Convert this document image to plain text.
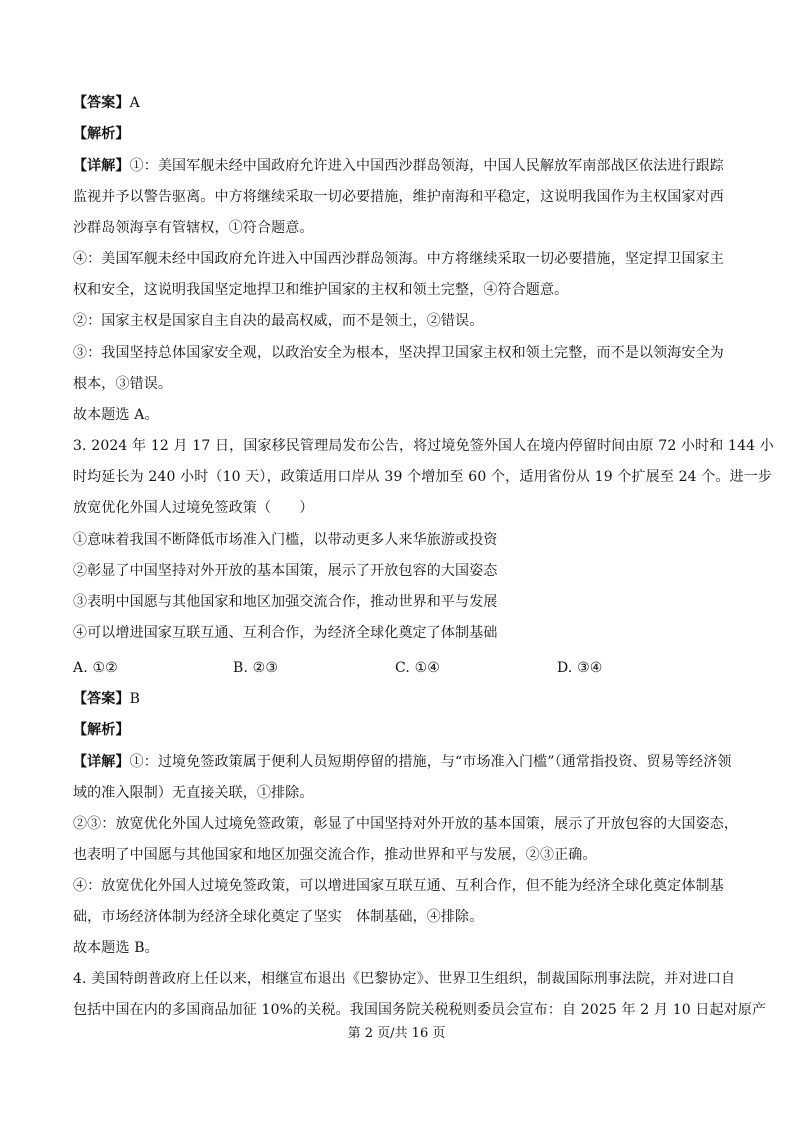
【答案】A
【解析】
【详解】①：美国军舰未经中国政府允许进入中国西沙群岛领海，中国人民解放军南部战区依法进行跟踪
监视并予以警告驱离。中方将继续采取一切必要措施，维护南海和平稳定，这说明我国作为主权国家对西
沙群岛领海享有管辖权，①符合题意。
④：美国军舰未经中国政府允许进入中国西沙群岛领海。中方将继续采取一切必要措施，坚定捍卫国家主
权和安全，这说明我国坚定地捍卫和维护国家的主权和领土完整，④符合题意。
②：国家主权是国家自主自决的最高权威，而不是领土，②错误。
③：我国坚持总体国家安全观，以政治安全为根本，坚决捍卫国家主权和领土完整，而不是以领海安全为
根本，③错误。
故本题选 A。
3. 2024 年 12 月 17 日，国家移民管理局发布公告，将过境免签外国人在境内停留时间由原 72 小时和 144 小
时均延长为 240 小时（10 天），政策适用口岸从 39 个增加至 60 个，适用省份从 19 个扩展至 24 个。进一步
放宽优化外国人过境免签政策（　　）
①意味着我国不断降低市场准入门槛，以带动更多人来华旅游或投资
②彰显了中国坚持对外开放的基本国策，展示了开放包容的大国姿态
③表明中国愿与其他国家和地区加强交流合作，推动世界和平与发展
④可以增进国家互联互通、互利合作，为经济全球化奠定了体制基础
A. ①②	B. ②③	C. ①④	D. ③④
【答案】B
【解析】
【详解】①：过境免签政策属于便利人员短期停留的措施，与“市场准入门槛”（通常指投资、贸易等经济领
域的准入限制）无直接关联，①排除。
②③：放宽优化外国人过境免签政策，彰显了中国坚持对外开放的基本国策，展示了开放包容的大国姿态，
也表明了中国愿与其他国家和地区加强交流合作，推动世界和平与发展，②③正确。
④：放宽优化外国人过境免签政策，可以增进国家互联互通、互利合作，但不能为经济全球化奠定体制基
础，市场经济体制为经济全球化奠定了坚实　体制基础，④排除。
故本题选 B。
4. 美国特朗普政府上任以来，相继宣布退出《巴黎协定》、世界卫生组织，制裁国际刑事法院，并对进口自
包括中国在内的多国商品加征 10%的关税。我国国务院关税税则委员会宣布：自 2025 年 2 月 10 日起对原产
第 2 页/共 16 页
